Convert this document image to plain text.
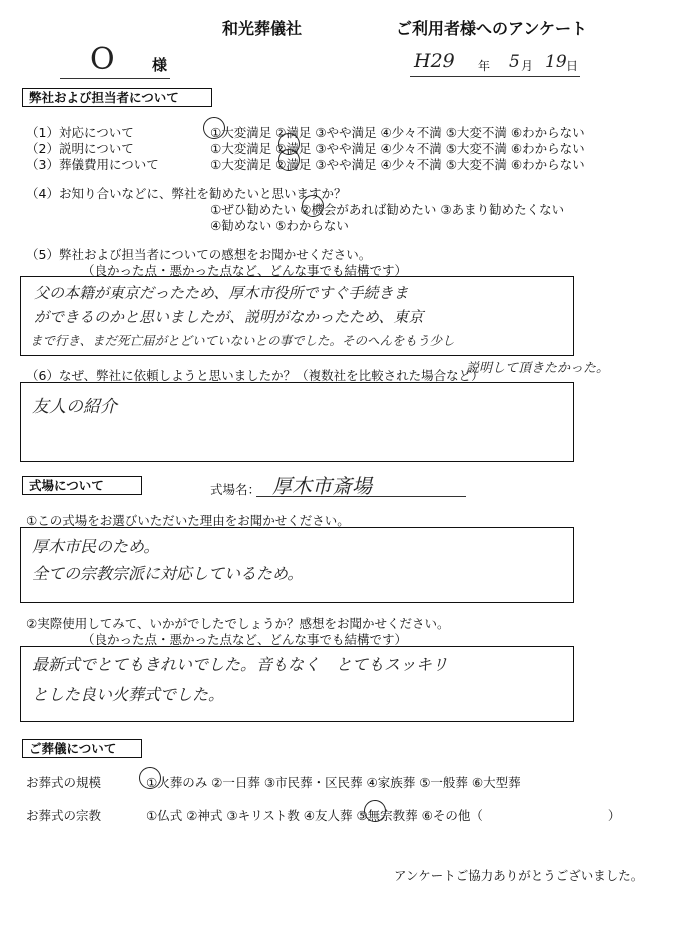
和光葬儀社	ご利用者様へのアンケート
O 様	H29 年 5 月 19 日
弊社および担当者について
（1）対応について	①大変満足 ②満足 ③やや満足 ④少々不満 ⑤大変不満 ⑥わからない
（2）説明について	①大変満足 ②満足 ③やや満足 ④少々不満 ⑤大変不満 ⑥わからない
（3）葬儀費用について	①大変満足 ②満足 ③やや満足 ④少々不満 ⑤大変不満 ⑥わからない
（4）お知り合いなどに、弊社を勧めたいと思いますか？
①ぜひ勧めたい ②機会があれば勧めたい ③あまり勧めたくない
④勧めない ⑤わからない
（5）弊社および担当者についての感想をお聞かせください。
（良かった点・悪かった点など、どんな事でも結構です）
父の本籍が東京だったため、厚木市役所ですぐ手続きま
ができるのかと思いましたが、説明がなかったため、東京
まで行き、まだ死亡届がとどいていないとの事でした。そのへんをもう少し
説明して頂きたかった。
（6）なぜ、弊社に依頼しようと思いましたか？（複数社を比較された場合など）
友人の紹介
式場について	式場名： 厚木市斎場
①この式場をお選びいただいた理由をお聞かせください。
厚木市民のため。
全ての宗教宗派に対応しているため。
②実際使用してみて、いかがでしたでしょうか？感想をお聞かせください。
（良かった点・悪かった点など、どんな事でも結構です）
最新式でとてもきれいでした。音もなく　とてもスッキリ
とした良い火葬式でした。
ご葬儀について
お葬式の規模	①火葬のみ ②一日葬 ③市民葬・区民葬 ④家族葬 ⑤一般葬 ⑥大型葬
お葬式の宗教	①仏式 ②神式 ③キリスト教 ④友人葬 ⑤無宗教葬 ⑥その他（　　　　　　　　　　）
アンケートご協力ありがとうございました。
